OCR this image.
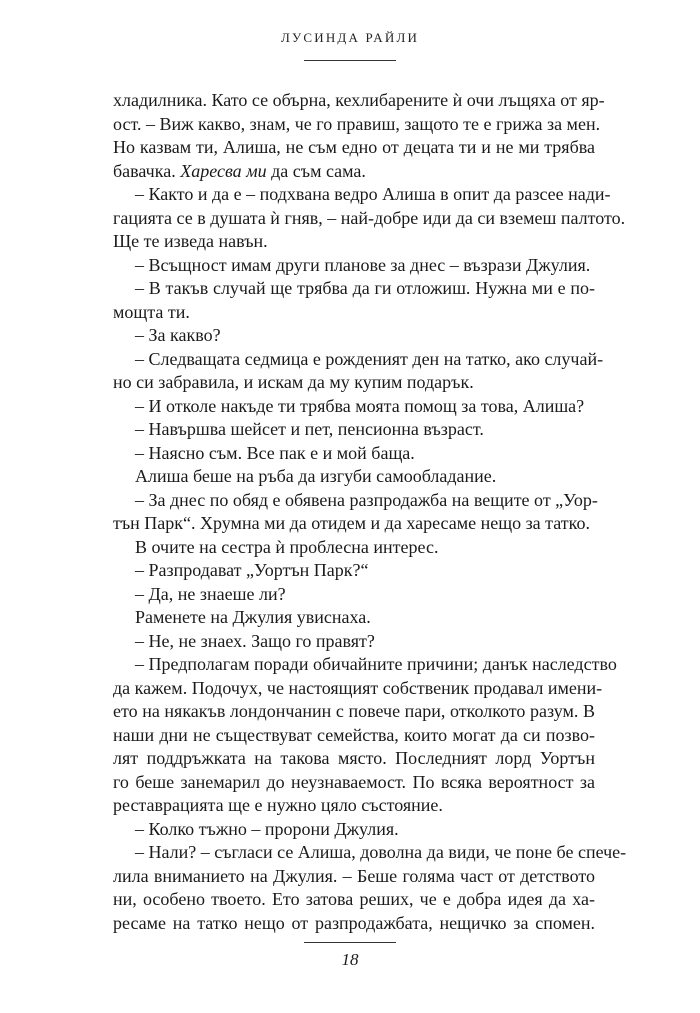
ЛУСИНДА РАЙЛИ
хладилника. Като се обърна, кехлибарените ѝ очи лъщяха от яр-
ост. – Виж какво, знам, че го правиш, защото те е грижа за мен.
Но казвам ти, Алиша, не съм едно от децата ти и не ми трябва
бавачка. Харесва ми да съм сама.
– Както и да е – подхвана ведро Алиша в опит да разсее нади-
гацията се в душата ѝ гняв, – най-добре иди да си вземеш палтото.
Ще те изведа навън.
– Всъщност имам други планове за днес – възрази Джулия.
– В такъв случай ще трябва да ги отложиш. Нужна ми е по-
мощта ти.
– За какво?
– Следващата седмица е рожденият ден на татко, ако случай-
но си забравила, и искам да му купим подарък.
– И отколе накъде ти трябва моята помощ за това, Алиша?
– Навършва шейсет и пет, пенсионна възраст.
– Наясно съм. Все пак е и мой баща.
Алиша беше на ръба да изгуби самообладание.
– За днес по обяд е обявена разпродажба на вещите от „Уор-
тън Парк“. Хрумна ми да отидем и да харесаме нещо за татко.
В очите на сестра ѝ проблесна интерес.
– Разпродават „Уортън Парк?“
– Да, не знаеше ли?
Раменете на Джулия увиснаха.
– Не, не знаех. Защо го правят?
– Предполагам поради обичайните причини; данък наследство
да кажем. Подочух, че настоящият собственик продавал имени-
ето на някакъв лондончанин с повече пари, отколкото разум. В
наши дни не съществуват семейства, които могат да си позво-
лят поддръжката на такова място. Последният лорд Уортън
го беше занемарил до неузнаваемост. По всяка вероятност за
реставрацията ще е нужно цяло състояние.
– Колко тъжно – пророни Джулия.
– Нали? – съгласи се Алиша, доволна да види, че поне бе спече-
лила вниманието на Джулия. – Беше голяма част от детството
ни, особено твоето. Ето затова реших, че е добра идея да ха-
ресаме на татко нещо от разпродажбата, нещичко за спомен.
18
